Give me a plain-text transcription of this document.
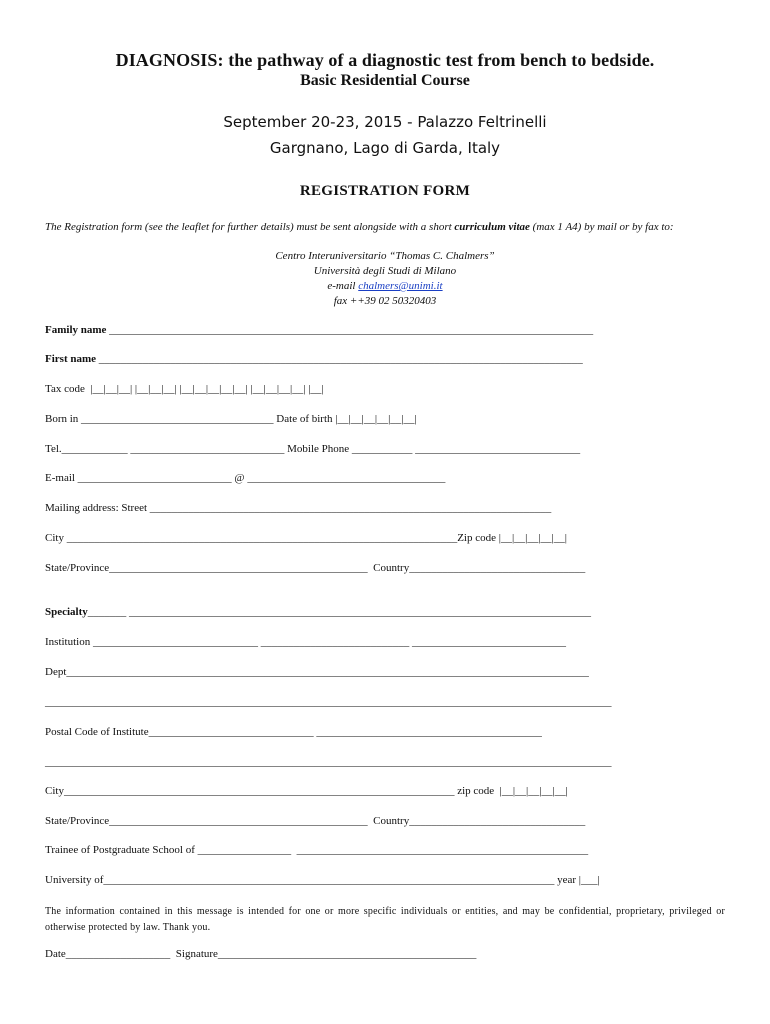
DIAGNOSIS: the pathway of a diagnostic test from bench to bedside.
Basic Residential Course
September 20-23, 2015 - Palazzo Feltrinelli
Gargnano, Lago di Garda, Italy
REGISTRATION FORM
The Registration form (see the leaflet for further details) must be sent alongside with a short curriculum vitae (max 1 A4) by mail or by fax to:
Centro Interuniversitario “Thomas C. Chalmers”
Università degli Studi di Milano
e-mail chalmers@unimi.it
fax ++39 02 50320403
Family name ________________________________________________________________________________________
First name ________________________________________________________________________________________
Tax code  |__|__|__| |__|__|__| |__|__|__|__|__| |__|__|__|__| |__|
Born in ___________________________________ Date of birth |__|__|__|__|__|__|
Tel.____________ ____________________________ Mobile Phone ___________ ______________________________
E-mail ____________________________ @ ____________________________________
Mailing address: Street _________________________________________________________________________
City _______________________________________________________________________Zip code |__|__|__|__|__|
State/Province_______________________________________________  Country________________________________
Specialty_______ ____________________________________________________________________________________
Institution ______________________________ ___________________________ ____________________________
Dept_______________________________________________________________________________________________
_______________________________________________________________________________________________________
Postal Code of Institute______________________________ _________________________________________
_______________________________________________________________________________________________________
City_______________________________________________________________________ zip code  |__|__|__|__|__|
State/Province_______________________________________________  Country________________________________
Trainee of Postgraduate School of _________________  _____________________________________________________
University of__________________________________________________________________________________ year |___|
The information contained in this message is intended for one or more specific individuals or entities, and may be confidential, proprietary, privileged or otherwise protected by law. Thank you.
Date___________________  Signature_______________________________________________
